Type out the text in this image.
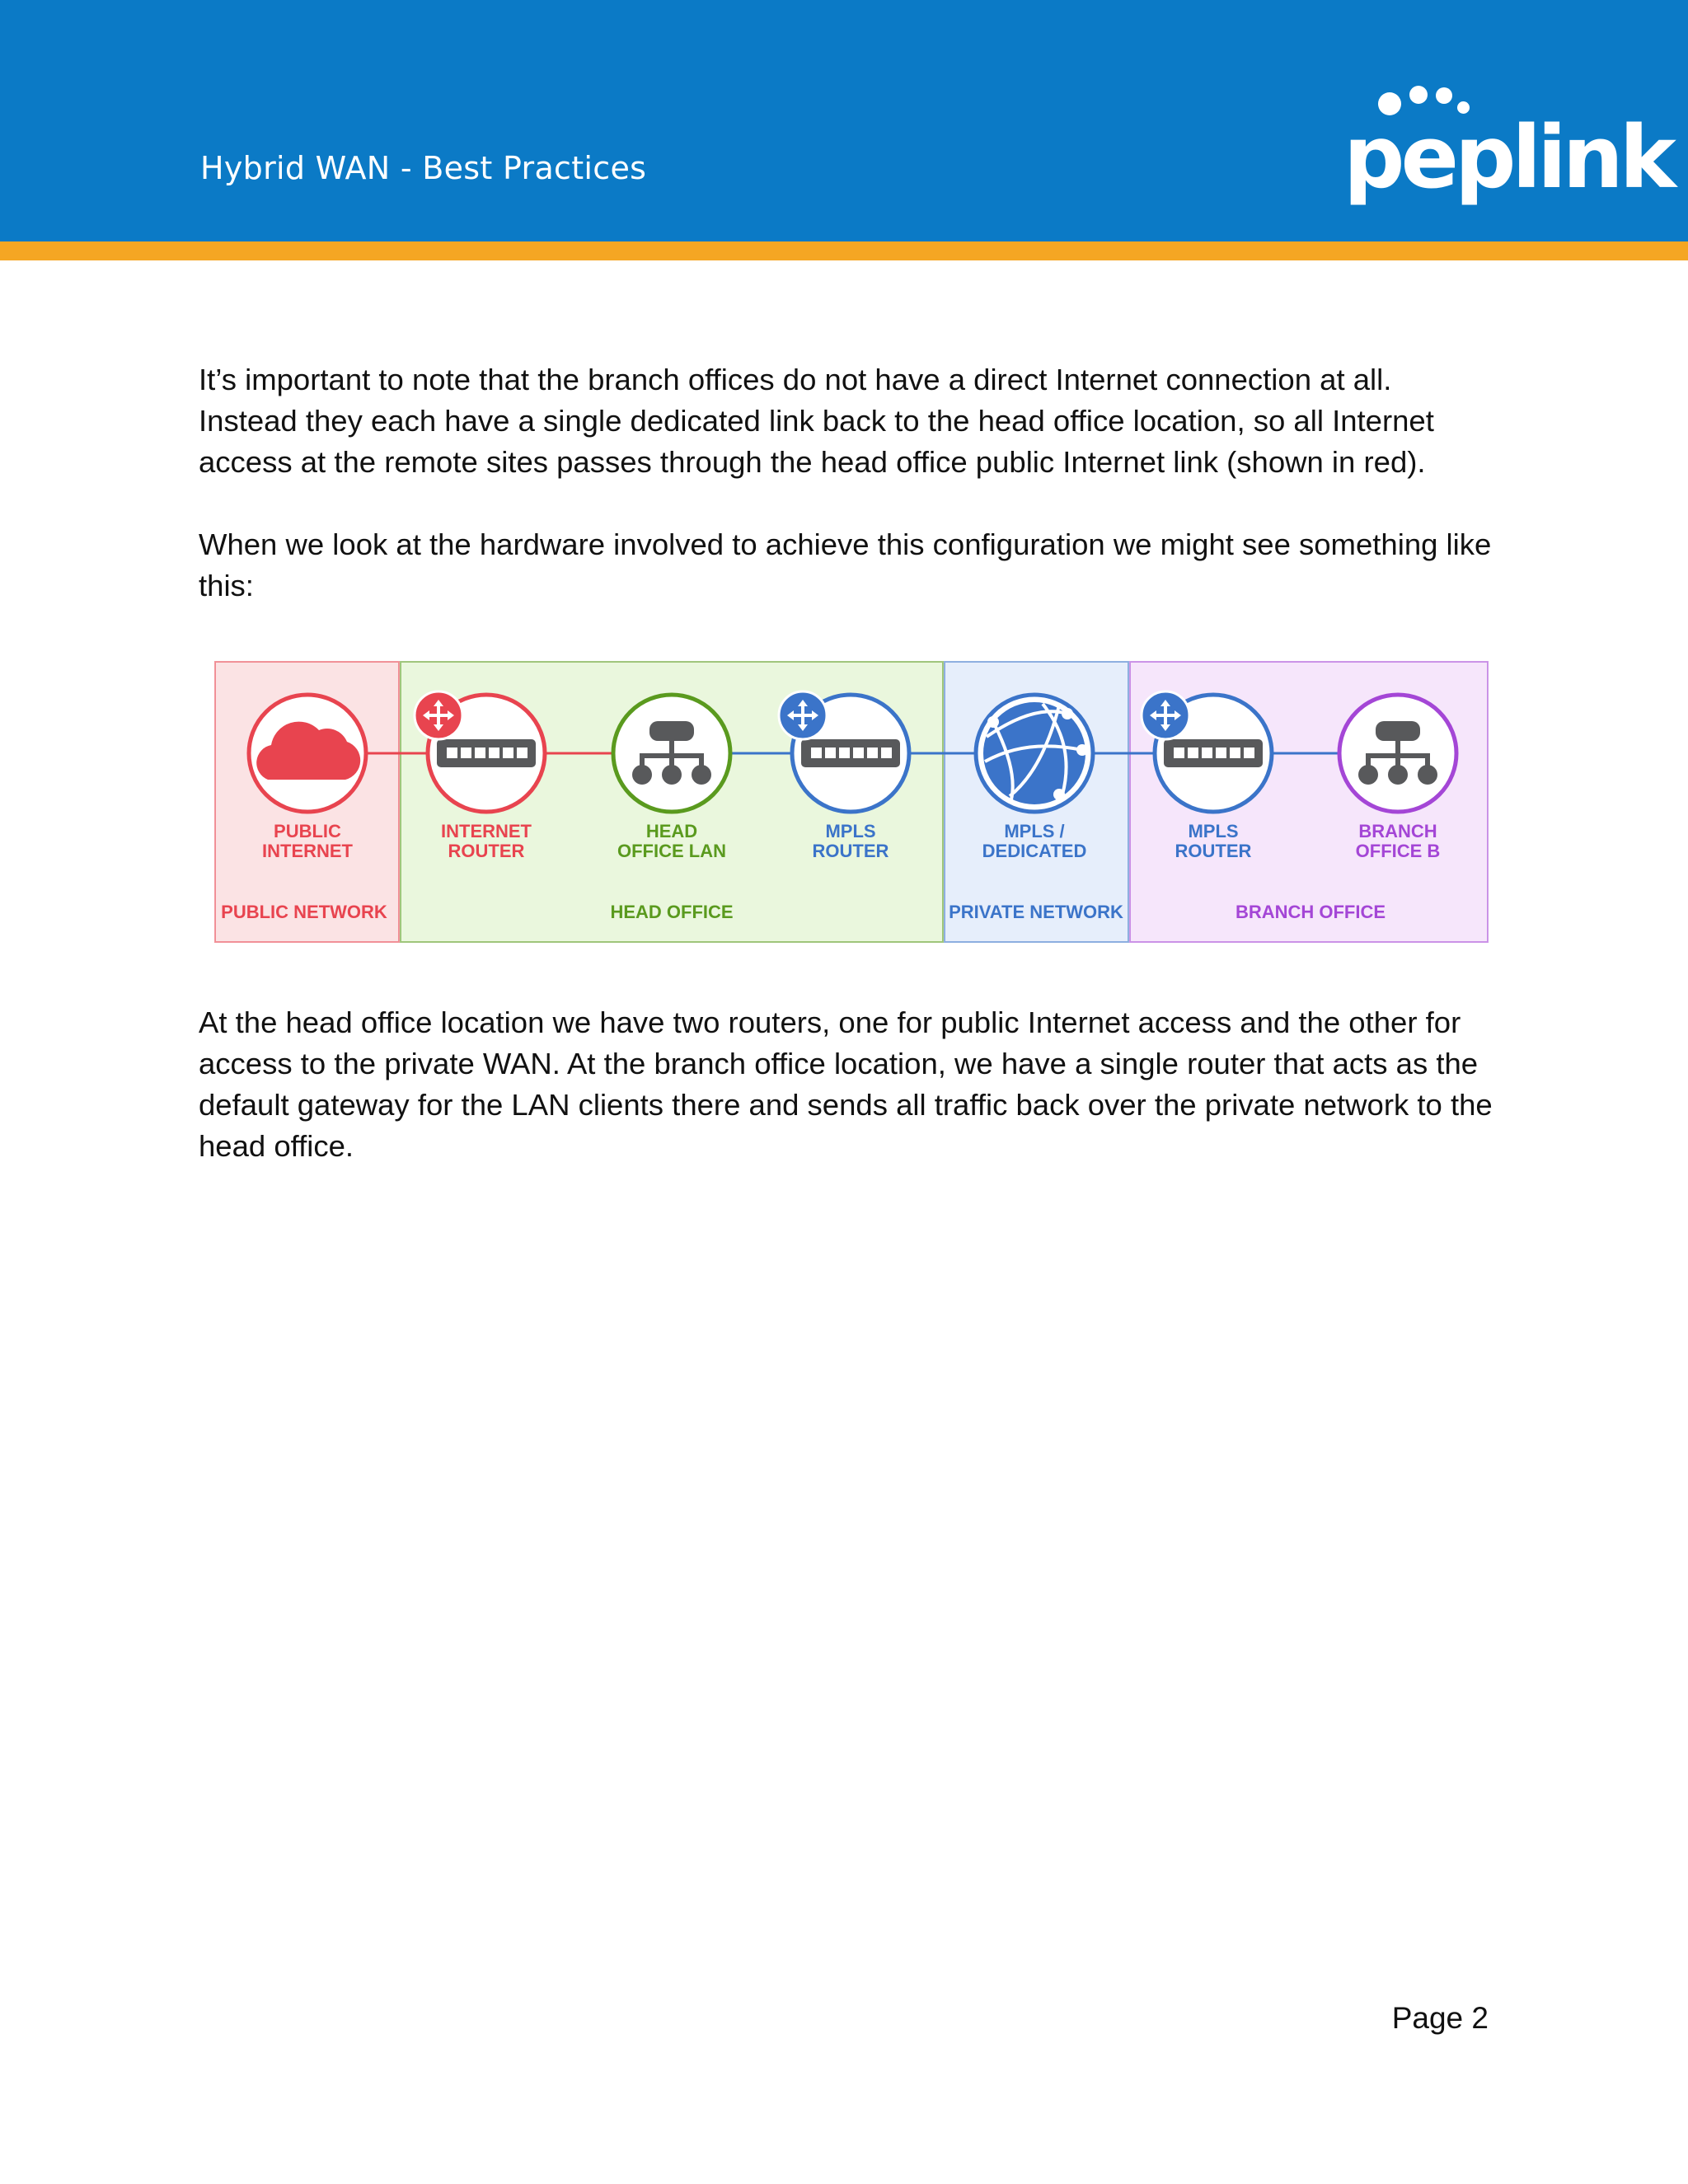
Hybrid WAN - Best Practices	peplink

It’s important to note that the branch offices do not have a direct Internet connection at all. Instead they each have a single dedicated link back to the head office location, so all Internet access at the remote sites passes through the head office public Internet link (shown in red).

When we look at the hardware involved to achieve this configuration we might see something like this:

PUBLIC NETWORK	HEAD OFFICE	PRIVATE NETWORK	BRANCH OFFICE
PUBLIC
INTERNET
INTERNET
ROUTER
HEAD
OFFICE LAN
MPLS
ROUTER
MPLS /
DEDICATED
MPLS
ROUTER
BRANCH
OFFICE B

At the head office location we have two routers, one for public Internet access and the other for access to the private WAN. At the branch office location, we have a single router that acts as the default gateway for the LAN clients there and sends all traffic back over the private network to the head office.

Page 2
